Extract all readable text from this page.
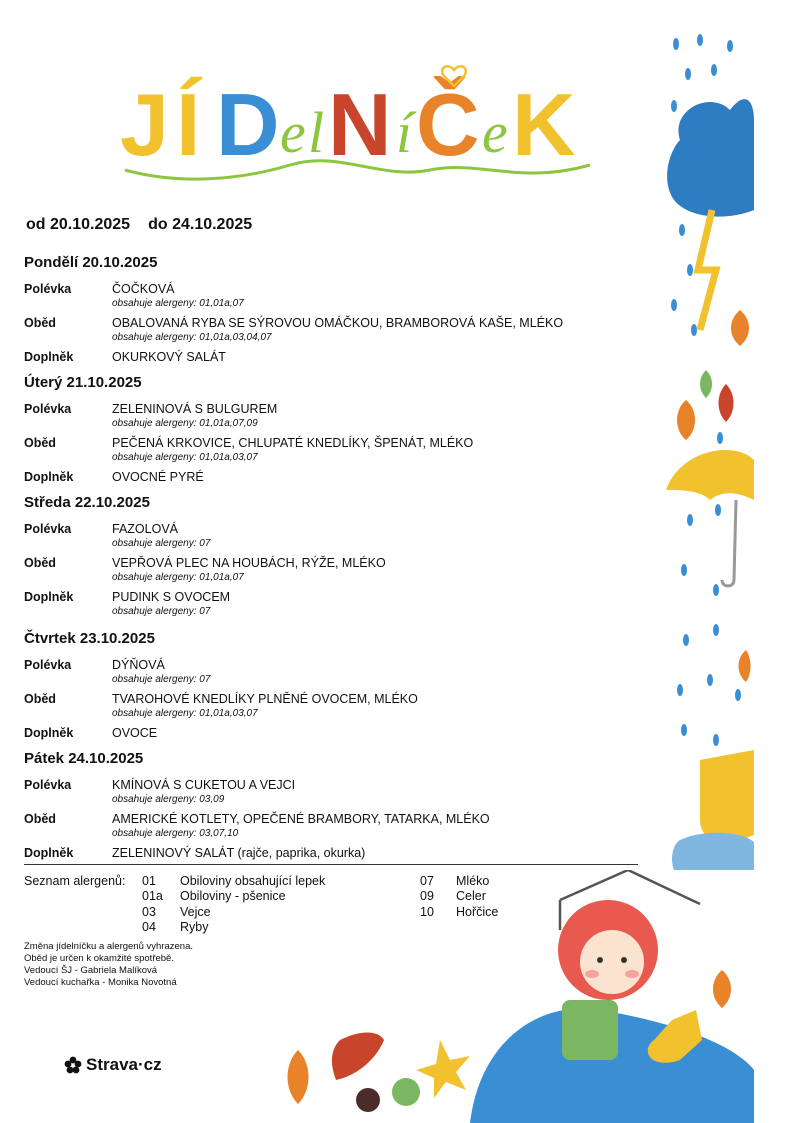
J Í D e l N í Č e K
od 20.10.2025 do 24.10.2025
Pondělí 20.10.2025
Polévka	ČOČKOVÁ
obsahuje alergeny: 01,01a,07
Oběd	OBALOVANÁ RYBA SE SÝROVOU OMÁČKOU, BRAMBOROVÁ KAŠE, MLÉKO
obsahuje alergeny: 01,01a,03,04,07
Doplněk	OKURKOVÝ SALÁT
Úterý 21.10.2025
Polévka	ZELENINOVÁ S BULGUREM
obsahuje alergeny: 01,01a,07,09
Oběd	PEČENÁ KRKOVICE, CHLUPATÉ KNEDLÍKY, ŠPENÁT, MLÉKO
obsahuje alergeny: 01,01a,03,07
Doplněk	OVOCNÉ PYRÉ
Středa 22.10.2025
Polévka	FAZOLOVÁ
obsahuje alergeny: 07
Oběd	VEPŘOVÁ PLEC NA HOUBÁCH, RÝŽE, MLÉKO
obsahuje alergeny: 01,01a,07
Doplněk	PUDINK S OVOCEM
obsahuje alergeny: 07
Čtvrtek 23.10.2025
Polévka	DÝŇOVÁ
obsahuje alergeny: 07
Oběd	TVAROHOVÉ KNEDLÍKY PLNĚNÉ OVOCEM, MLÉKO
obsahuje alergeny: 01,01a,03,07
Doplněk	OVOCE
Pátek 24.10.2025
Polévka	KMÍNOVÁ S CUKETOU A VEJCI
obsahuje alergeny: 03,09
Oběd	AMERICKÉ KOTLETY, OPEČENÉ BRAMBORY, TATARKA, MLÉKO
obsahuje alergeny: 03,07,10
Doplněk	ZELENINOVÝ SALÁT (rajče, paprika, okurka)
Seznam alergenů: 01 Obiloviny obsahující lepek
01a Obiloviny - pšenice
03 Vejce
04 Ryby
07 Mléko
09 Celer
10 Hořčice
Změna jídelníčku a alergenů vyhrazena.
Oběd je určen k okamžité spotřebě.
Vedoucí ŠJ - Gabriela Malíková
Vedoucí kuchařka - Monika Novotná
Strava·cz
